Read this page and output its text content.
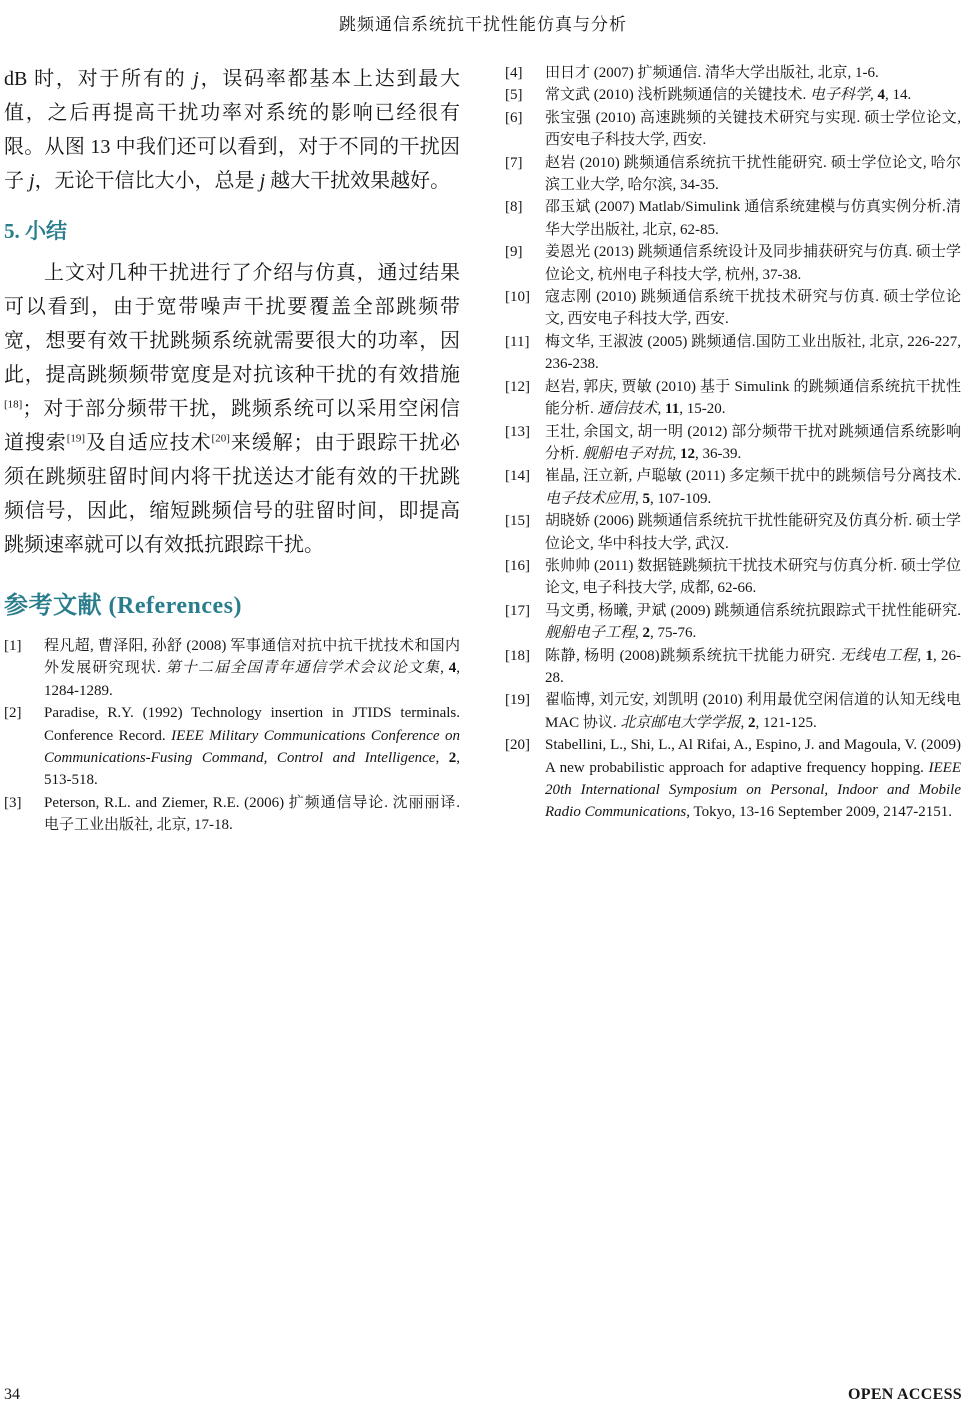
跳频通信系统抗干扰性能仿真与分析

dB 时，对于所有的 j，误码率都基本上达到最大值，之后再提高干扰功率对系统的影响已经很有限。从图 13 中我们还可以看到，对于不同的干扰因子 j，无论干信比大小，总是 j 越大干扰效果越好。

5. 小结

上文对几种干扰进行了介绍与仿真，通过结果可以看到，由于宽带噪声干扰要覆盖全部跳频带宽，想要有效干扰跳频系统就需要很大的功率，因此，提高跳频频带宽度是对抗该种干扰的有效措施[18]；对于部分频带干扰，跳频系统可以采用空闲信道搜索[19]及自适应技术[20]来缓解；由于跟踪干扰必须在跳频驻留时间内将干扰送达才能有效的干扰跳频信号，因此，缩短跳频信号的驻留时间，即提高跳频速率就可以有效抵抗跟踪干扰。

参考文献 (References)
[1] 程凡超, 曹泽阳, 孙舒 (2008) 军事通信对抗中抗干扰技术和国内外发展研究现状. 第十二届全国青年通信学术会议论文集, 4, 1284-1289.
[2] Paradise, R.Y. (1992) Technology insertion in JTIDS terminals. Conference Record. IEEE Military Communications Conference on Communications-Fusing Command, Control and Intelligence, 2, 513-518.
[3] Peterson, R.L. and Ziemer, R.E. (2006) 扩频通信导论. 沈丽丽译. 电子工业出版社, 北京, 17-18.
[4] 田日才 (2007) 扩频通信. 清华大学出版社, 北京, 1-6.
[5] 常文武 (2010) 浅析跳频通信的关键技术. 电子科学, 4, 14.
[6] 张宝强 (2010) 高速跳频的关键技术研究与实现. 硕士学位论文, 西安电子科技大学, 西安.
[7] 赵岩 (2010) 跳频通信系统抗干扰性能研究. 硕士学位论文, 哈尔滨工业大学, 哈尔滨, 34-35.
[8] 邵玉斌 (2007) Matlab/Simulink 通信系统建模与仿真实例分析.清华大学出版社, 北京, 62-85.
[9] 姜恩光 (2013) 跳频通信系统设计及同步捕获研究与仿真. 硕士学位论文, 杭州电子科技大学, 杭州, 37-38.
[10] 寇志刚 (2010) 跳频通信系统干扰技术研究与仿真. 硕士学位论文, 西安电子科技大学, 西安.
[11] 梅文华, 王淑波 (2005) 跳频通信.国防工业出版社, 北京, 226-227, 236-238.
[12] 赵岩, 郭庆, 贾敏 (2010) 基于 Simulink 的跳频通信系统抗干扰性能分析. 通信技术, 11, 15-20.
[13] 王壮, 余国文, 胡一明 (2012) 部分频带干扰对跳频通信系统影响分析. 舰船电子对抗, 12, 36-39.
[14] 崔晶, 汪立新, 卢聪敏 (2011) 多定频干扰中的跳频信号分离技术. 电子技术应用, 5, 107-109.
[15] 胡晓娇 (2006) 跳频通信系统抗干扰性能研究及仿真分析. 硕士学位论文, 华中科技大学, 武汉.
[16] 张帅帅 (2011) 数据链跳频抗干扰技术研究与仿真分析. 硕士学位论文, 电子科技大学, 成都, 62-66.
[17] 马文勇, 杨曦, 尹斌 (2009) 跳频通信系统抗跟踪式干扰性能研究. 舰船电子工程, 2, 75-76.
[18] 陈静, 杨明 (2008)跳频系统抗干扰能力研究. 无线电工程, 1, 26-28.
[19] 翟临博, 刘元安, 刘凯明 (2010) 利用最优空闲信道的认知无线电 MAC 协议. 北京邮电大学学报, 2, 121-125.
[20] Stabellini, L., Shi, L., Al Rifai, A., Espino, J. and Magoula, V. (2009) A new probabilistic approach for adaptive frequency hopping. IEEE 20th International Symposium on Personal, Indoor and Mobile Radio Communications, Tokyo, 13-16 September 2009, 2147-2151.
34	OPEN ACCESS
